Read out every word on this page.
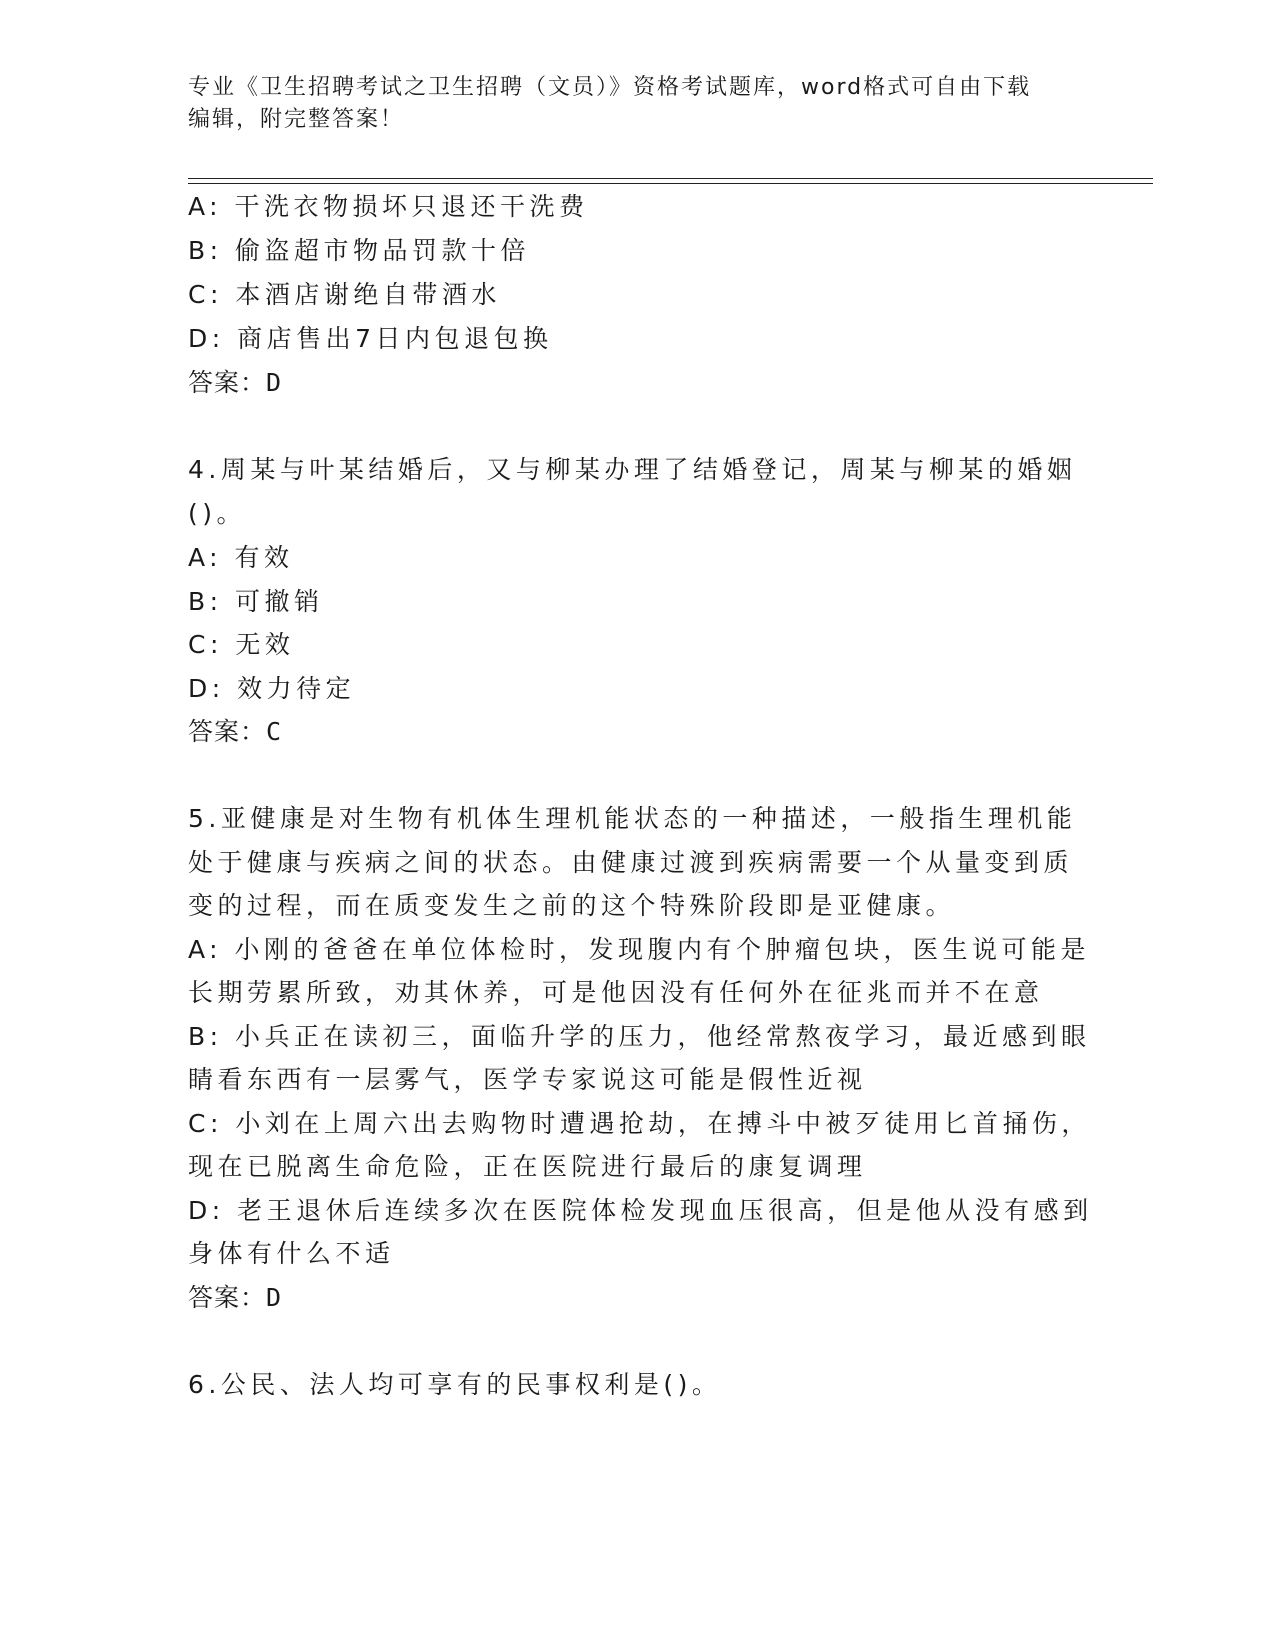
专业《卫生招聘考试之卫生招聘（文员）》资格考试题库，word格式可自由下载
编辑，附完整答案！
A: 干洗衣物损坏只退还干洗费
B: 偷盗超市物品罚款十倍
C: 本酒店谢绝自带酒水
D: 商店售出7日内包退包换
答案：D
4.周某与叶某结婚后，又与柳某办理了结婚登记，周某与柳某的婚姻
()。
A: 有效
B: 可撤销
C: 无效
D: 效力待定
答案：C
5.亚健康是对生物有机体生理机能状态的一种描述，一般指生理机能
处于健康与疾病之间的状态。由健康过渡到疾病需要一个从量变到质
变的过程，而在质变发生之前的这个特殊阶段即是亚健康。
A: 小刚的爸爸在单位体检时，发现腹内有个肿瘤包块，医生说可能是
长期劳累所致，劝其休养，可是他因没有任何外在征兆而并不在意
B: 小兵正在读初三，面临升学的压力，他经常熬夜学习，最近感到眼
睛看东西有一层雾气，医学专家说这可能是假性近视
C: 小刘在上周六出去购物时遭遇抢劫，在搏斗中被歹徒用匕首捅伤，
现在已脱离生命危险，正在医院进行最后的康复调理
D: 老王退休后连续多次在医院体检发现血压很高，但是他从没有感到
身体有什么不适
答案：D
6.公民、法人均可享有的民事权利是()。
